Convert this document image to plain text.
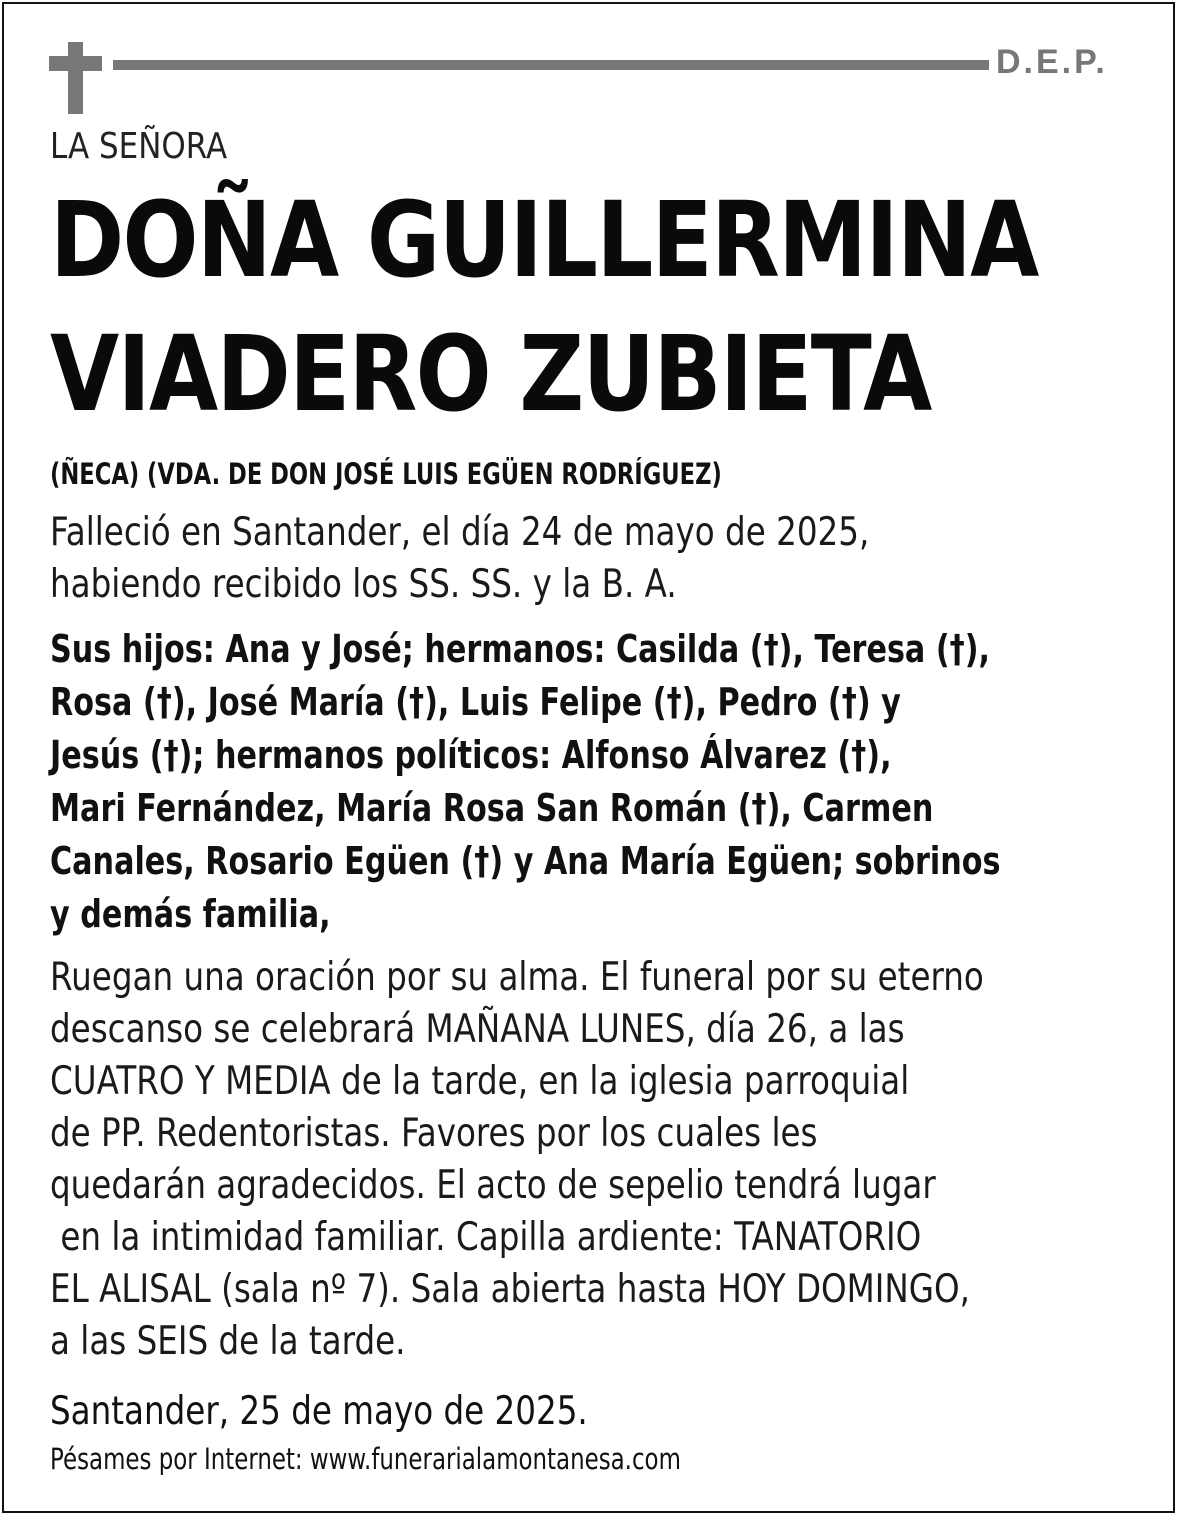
D.E.P.
LA SEÑORA
DOÑA GUILLERMINA
VIADERO ZUBIETA
(ÑECA) (VDA. DE DON JOSÉ LUIS EGÜEN RODRÍGUEZ)
Falleció en Santander, el día 24 de mayo de 2025,
habiendo recibido los SS. SS. y la B. A.
Sus hijos: Ana y José; hermanos: Casilda (†), Teresa (†),
Rosa (†), José María (†), Luis Felipe (†), Pedro (†) y
Jesús (†); hermanos políticos: Alfonso Álvarez (†),
Mari Fernández, María Rosa San Román (†), Carmen
Canales, Rosario Egüen (†) y Ana María Egüen; sobrinos
y demás familia,
Ruegan una oración por su alma. El funeral por su eterno
descanso se celebrará MAÑANA LUNES, día 26, a las
CUATRO Y MEDIA de la tarde, en la iglesia parroquial
de PP. Redentoristas. Favores por los cuales les
quedarán agradecidos. El acto de sepelio tendrá lugar
en la intimidad familiar. Capilla ardiente: TANATORIO
EL ALISAL (sala nº 7). Sala abierta hasta HOY DOMINGO,
a las SEIS de la tarde.
Santander, 25 de mayo de 2025.
Pésames por Internet: www.funerarialamontanesa.com
